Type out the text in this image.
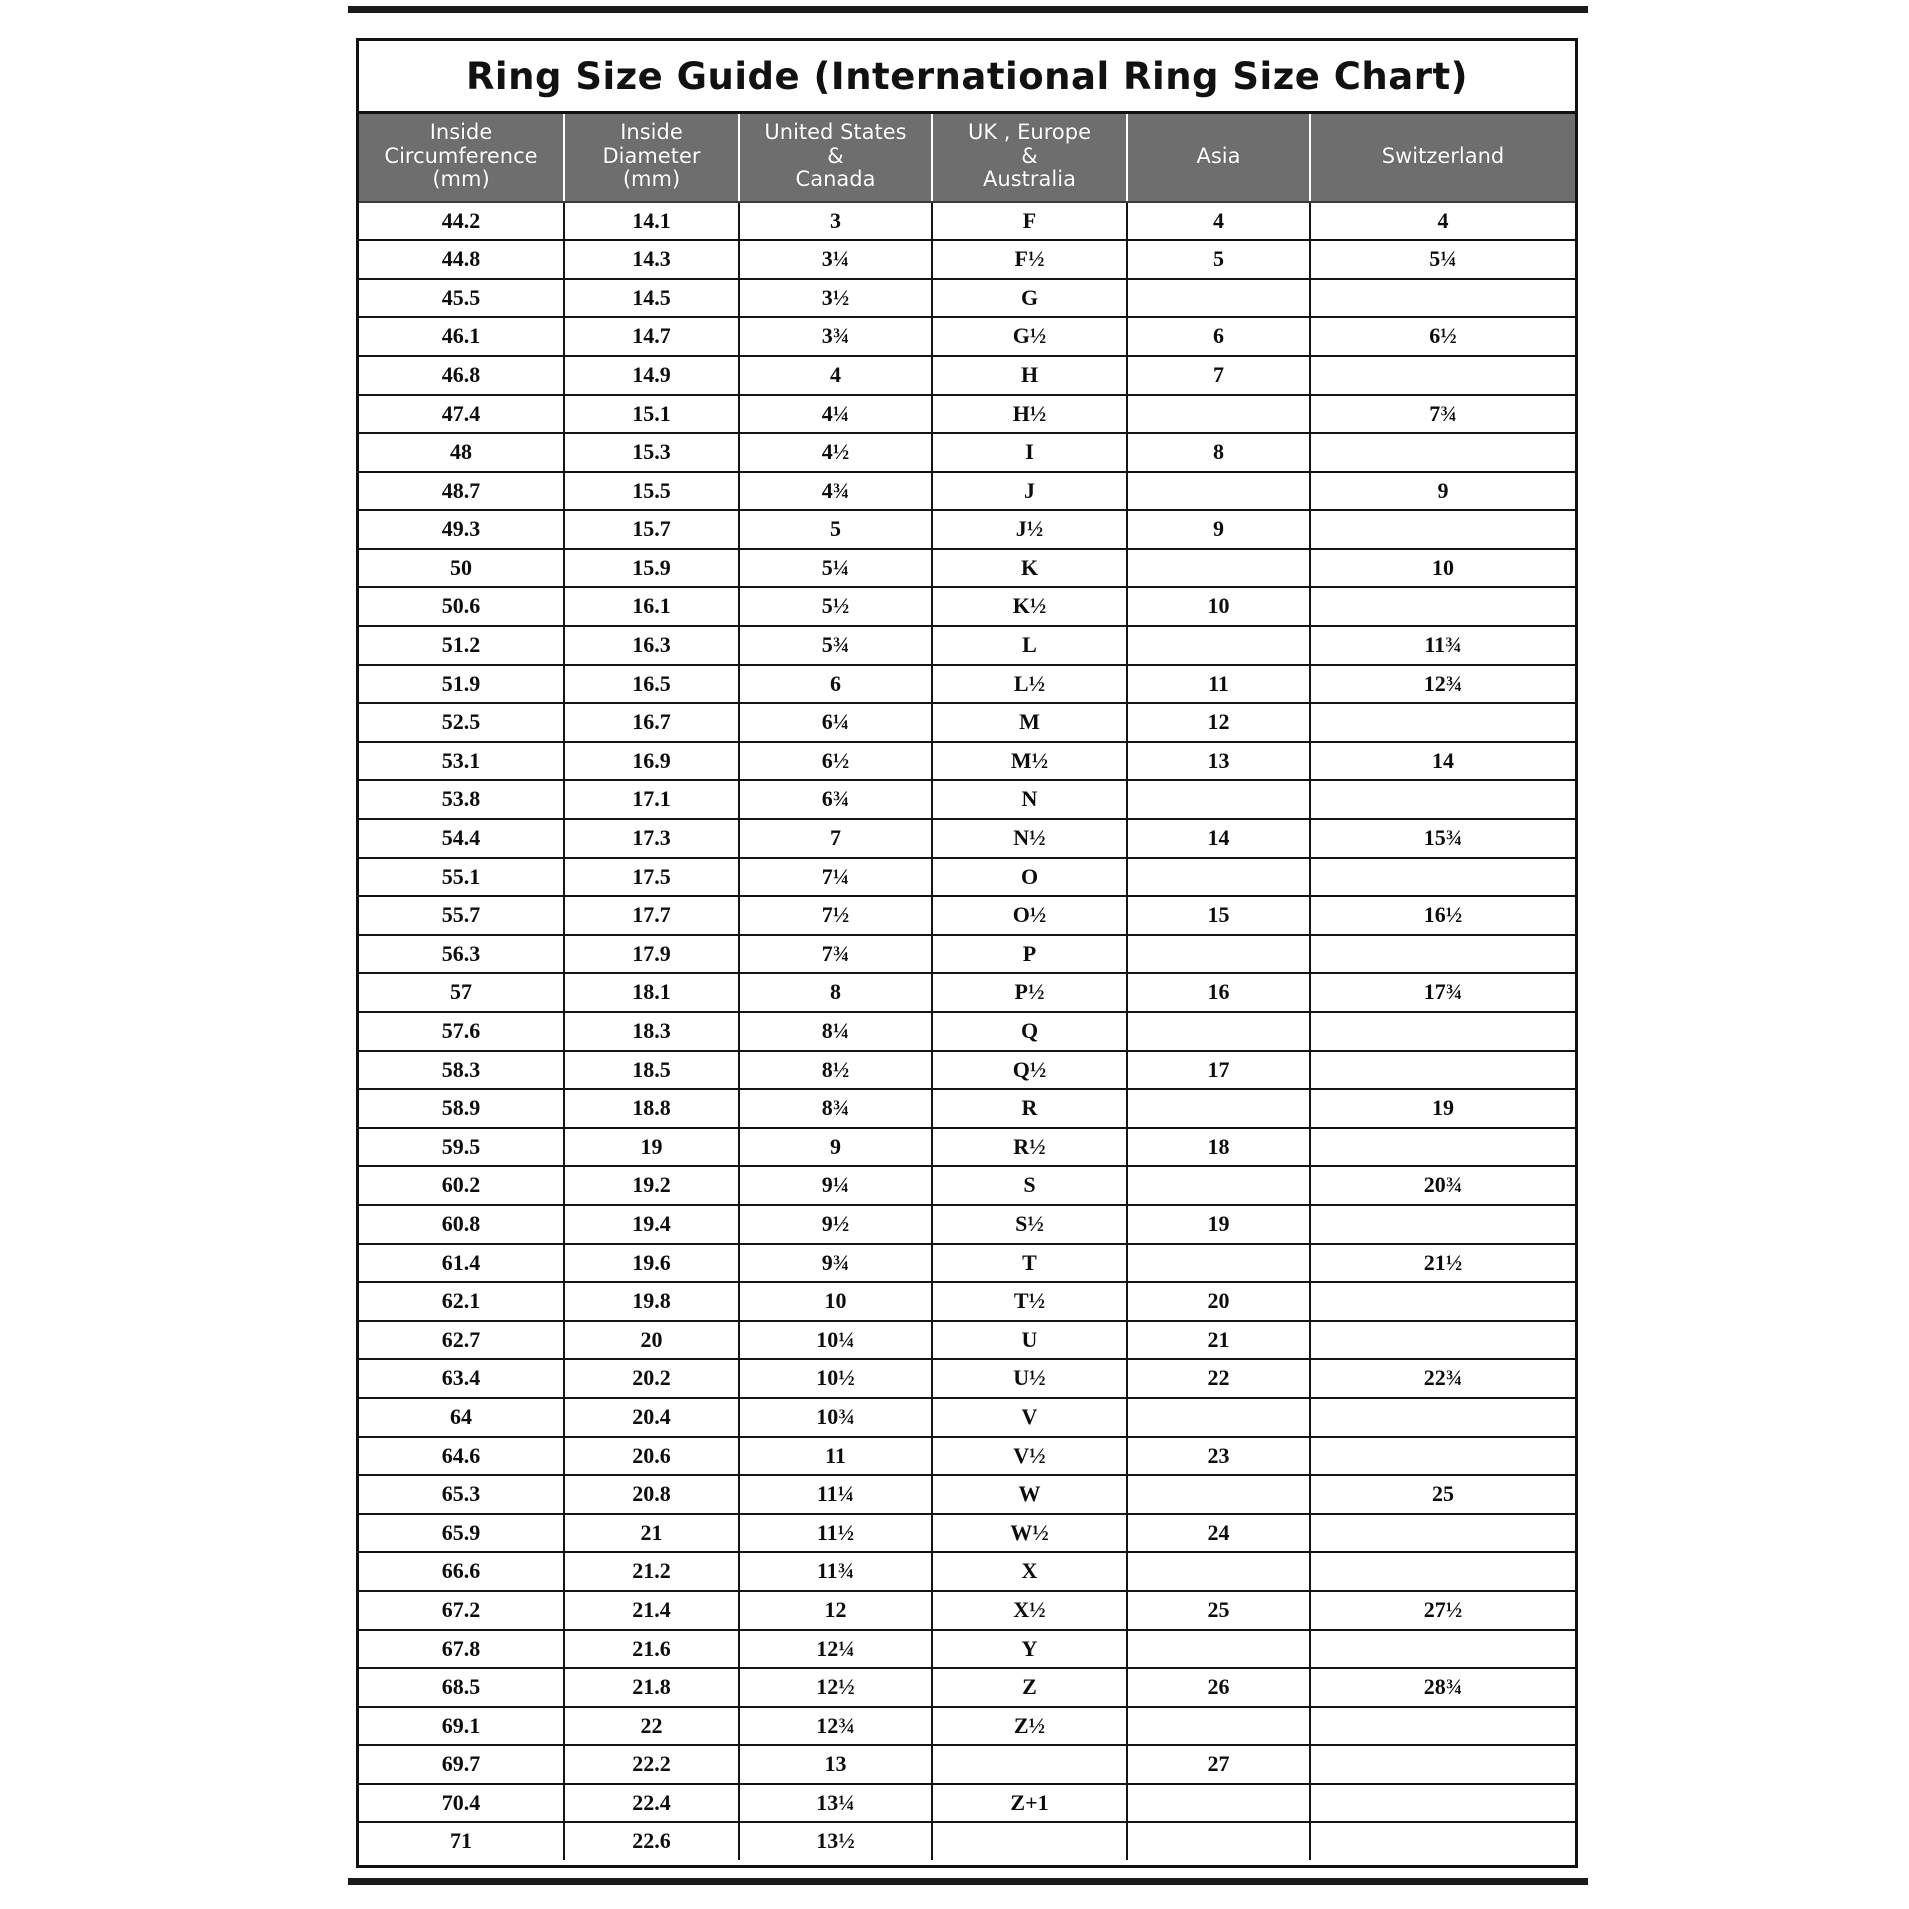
Ring Size Guide (International Ring Size Chart)
Inside
Circumference
(mm)	Inside
Diameter
(mm)	United States
&
Canada	UK , Europe
&
Australia	Asia	Switzerland
44.2	14.1	3	F	4	4
44.8	14.3	3¼	F½	5	5¼
45.5	14.5	3½	G		
46.1	14.7	3¾	G½	6	6½
46.8	14.9	4	H	7	
47.4	15.1	4¼	H½		7¾
48	15.3	4½	I	8	
48.7	15.5	4¾	J		9
49.3	15.7	5	J½	9	
50	15.9	5¼	K		10
50.6	16.1	5½	K½	10	
51.2	16.3	5¾	L		11¾
51.9	16.5	6	L½	11	12¾
52.5	16.7	6¼	M	12	
53.1	16.9	6½	M½	13	14
53.8	17.1	6¾	N		
54.4	17.3	7	N½	14	15¾
55.1	17.5	7¼	O		
55.7	17.7	7½	O½	15	16½
56.3	17.9	7¾	P		
57	18.1	8	P½	16	17¾
57.6	18.3	8¼	Q		
58.3	18.5	8½	Q½	17	
58.9	18.8	8¾	R		19
59.5	19	9	R½	18	
60.2	19.2	9¼	S		20¾
60.8	19.4	9½	S½	19	
61.4	19.6	9¾	T		21½
62.1	19.8	10	T½	20	
62.7	20	10¼	U	21	
63.4	20.2	10½	U½	22	22¾
64	20.4	10¾	V		
64.6	20.6	11	V½	23	
65.3	20.8	11¼	W		25
65.9	21	11½	W½	24	
66.6	21.2	11¾	X		
67.2	21.4	12	X½	25	27½
67.8	21.6	12¼	Y		
68.5	21.8	12½	Z	26	28¾
69.1	22	12¾	Z½		
69.7	22.2	13		27	
70.4	22.4	13¼	Z+1		
71	22.6	13½			
